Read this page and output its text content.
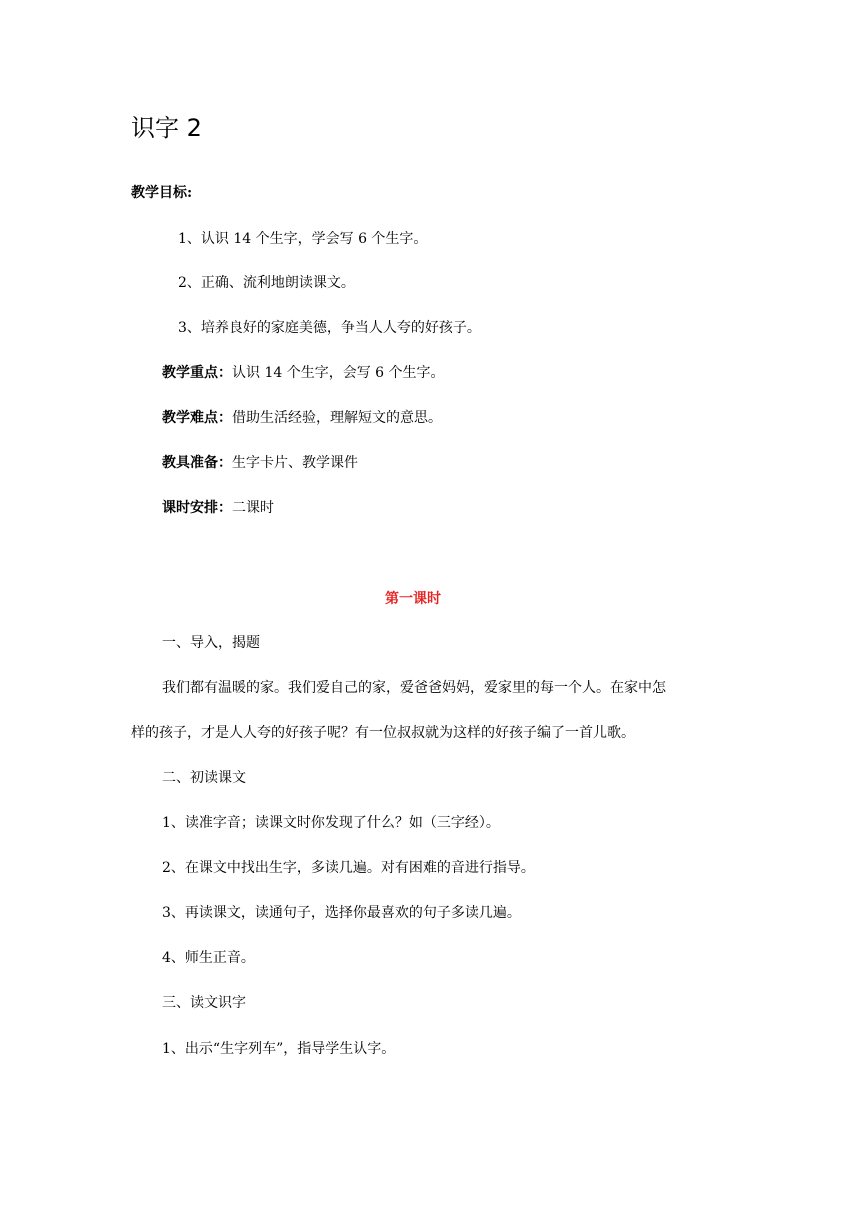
识字 2
教学目标:
1、认识 14 个生字，学会写 6 个生字。
2、正确、流利地朗读课文。
3、培养良好的家庭美德，争当人人夸的好孩子。
教学重点：认识 14 个生字，会写 6 个生字。
教学难点：借助生活经验，理解短文的意思。
教具准备：生字卡片、教学课件
课时安排：二课时
第一课时
一、导入，揭题
我们都有温暖的家。我们爱自己的家，爱爸爸妈妈，爱家里的每一个人。在家中怎
样的孩子，才是人人夸的好孩子呢？有一位叔叔就为这样的好孩子编了一首儿歌。
二、初读课文
1、读准字音；读课文时你发现了什么？如（三字经）。
2、在课文中找出生字，多读几遍。对有困难的音进行指导。
3、再读课文，读通句子，选择你最喜欢的句子多读几遍。
4、师生正音。
三、读文识字
1、出示“生字列车”，指导学生认字。
